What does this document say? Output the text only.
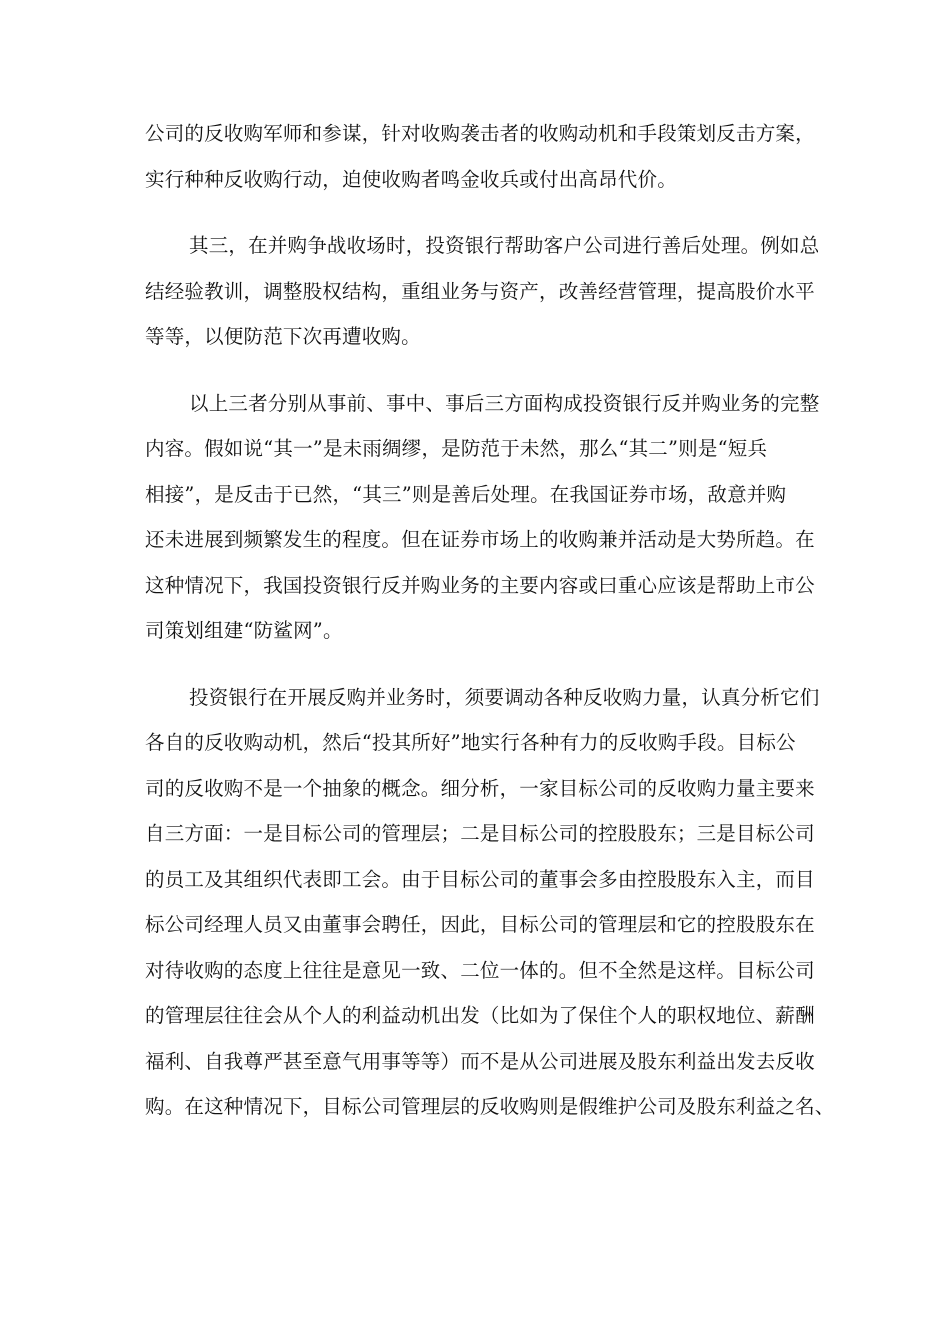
公司的反收购军师和参谋，针对收购袭击者的收购动机和手段策划反击方案，
实行种种反收购行动，迫使收购者鸣金收兵或付出高昂代价。
其三，在并购争战收场时，投资银行帮助客户公司进行善后处理。例如总
结经验教训，调整股权结构，重组业务与资产，改善经营管理，提高股价水平
等等，以便防范下次再遭收购。
以上三者分别从事前、事中、事后三方面构成投资银行反并购业务的完整
内容。假如说“其一”是未雨绸缪，是防范于未然，那么“其二”则是“短兵
相接”，是反击于已然，“其三”则是善后处理。在我国证券市场，敌意并购
还未进展到频繁发生的程度。但在证券市场上的收购兼并活动是大势所趋。在
这种情况下，我国投资银行反并购业务的主要内容或曰重心应该是帮助上市公
司策划组建“防鲨网”。
投资银行在开展反购并业务时，须要调动各种反收购力量，认真分析它们
各自的反收购动机，然后“投其所好”地实行各种有力的反收购手段。目标公
司的反收购不是一个抽象的概念。细分析，一家目标公司的反收购力量主要来
自三方面：一是目标公司的管理层；二是目标公司的控股股东；三是目标公司
的员工及其组织代表即工会。由于目标公司的董事会多由控股股东入主，而目
标公司经理人员又由董事会聘任，因此，目标公司的管理层和它的控股股东在
对待收购的态度上往往是意见一致、二位一体的。但不全然是这样。目标公司
的管理层往往会从个人的利益动机出发（比如为了保住个人的职权地位、薪酬
福利、自我尊严甚至意气用事等等）而不是从公司进展及股东利益出发去反收
购。在这种情况下，目标公司管理层的反收购则是假维护公司及股东利益之名、
